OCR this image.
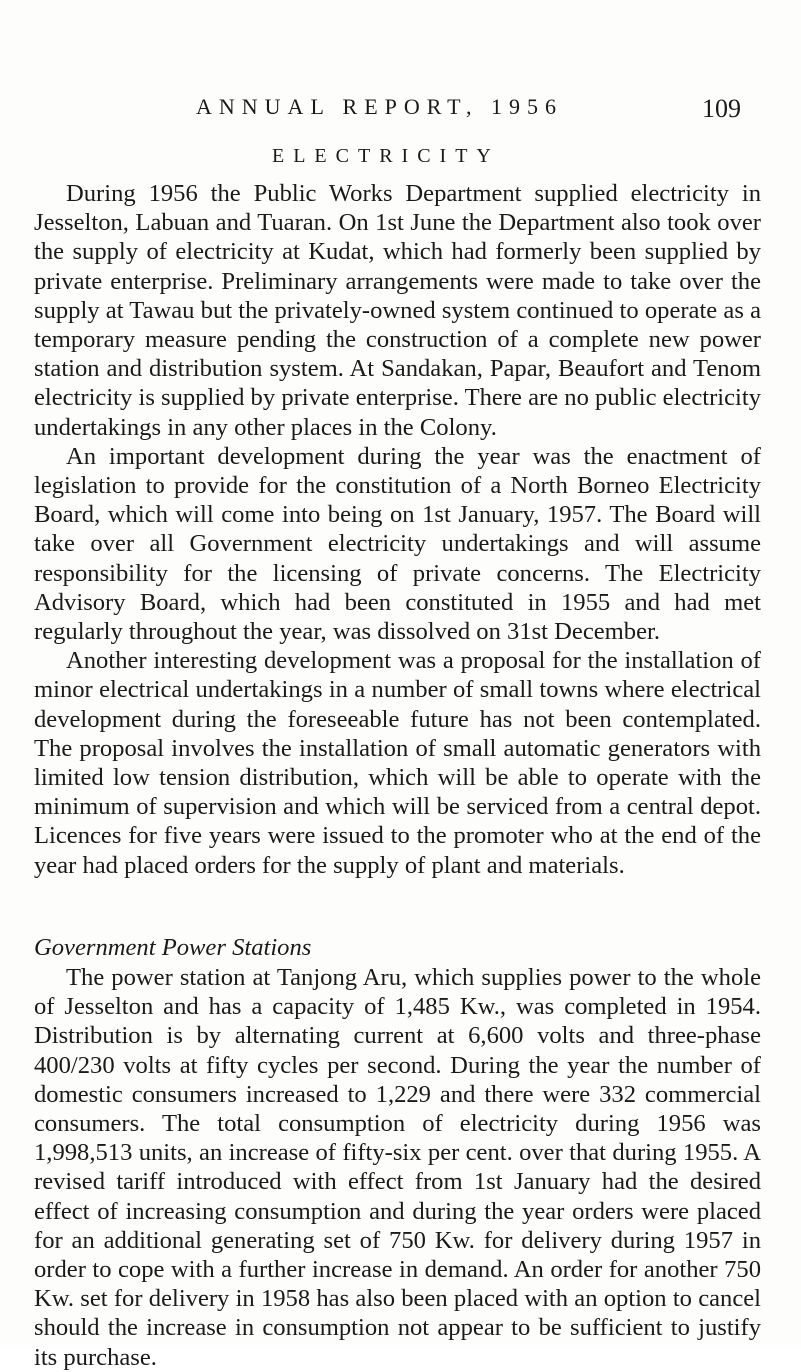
ANNUAL REPORT, 1956	109
ELECTRICITY

During 1956 the Public Works Department supplied electricity in Jesselton, Labuan and Tuaran. On 1st June the Department also took over the supply of electricity at Kudat, which had formerly been supplied by private enterprise. Preliminary arrangements were made to take over the supply at Tawau but the privately-owned system continued to operate as a temporary measure pending the construction of a complete new power station and distribution system. At Sandakan, Papar, Beaufort and Tenom electricity is supplied by private enterprise. There are no public electricity undertakings in any other places in the Colony.

An important development during the year was the enactment of legislation to provide for the constitution of a North Borneo Electricity Board, which will come into being on 1st January, 1957. The Board will take over all Government electricity undertakings and will assume responsibility for the licensing of private concerns. The Electricity Advisory Board, which had been constituted in 1955 and had met regularly throughout the year, was dissolved on 31st December.

Another interesting development was a proposal for the installation of minor electrical undertakings in a number of small towns where electrical development during the foreseeable future has not been contemplated. The proposal involves the installation of small automatic generators with limited low tension distribution, which will be able to operate with the minimum of supervision and which will be serviced from a central depot. Licences for five years were issued to the promoter who at the end of the year had placed orders for the supply of plant and materials.

Government Power Stations

The power station at Tanjong Aru, which supplies power to the whole of Jesselton and has a capacity of 1,485 Kw., was completed in 1954. Distribution is by alternating current at 6,600 volts and three-phase 400/230 volts at fifty cycles per second. During the year the number of domestic consumers increased to 1,229 and there were 332 commercial consumers. The total consumption of electricity during 1956 was 1,998,513 units, an increase of fifty-six per cent. over that during 1955. A revised tariff introduced with effect from 1st January had the desired effect of increasing consumption and during the year orders were placed for an additional generating set of 750 Kw. for delivery during 1957 in order to cope with a further increase in demand. An order for another 750 Kw. set for delivery in 1958 has also been placed with an option to cancel should the increase in consumption not appear to be sufficient to justify its purchase.
